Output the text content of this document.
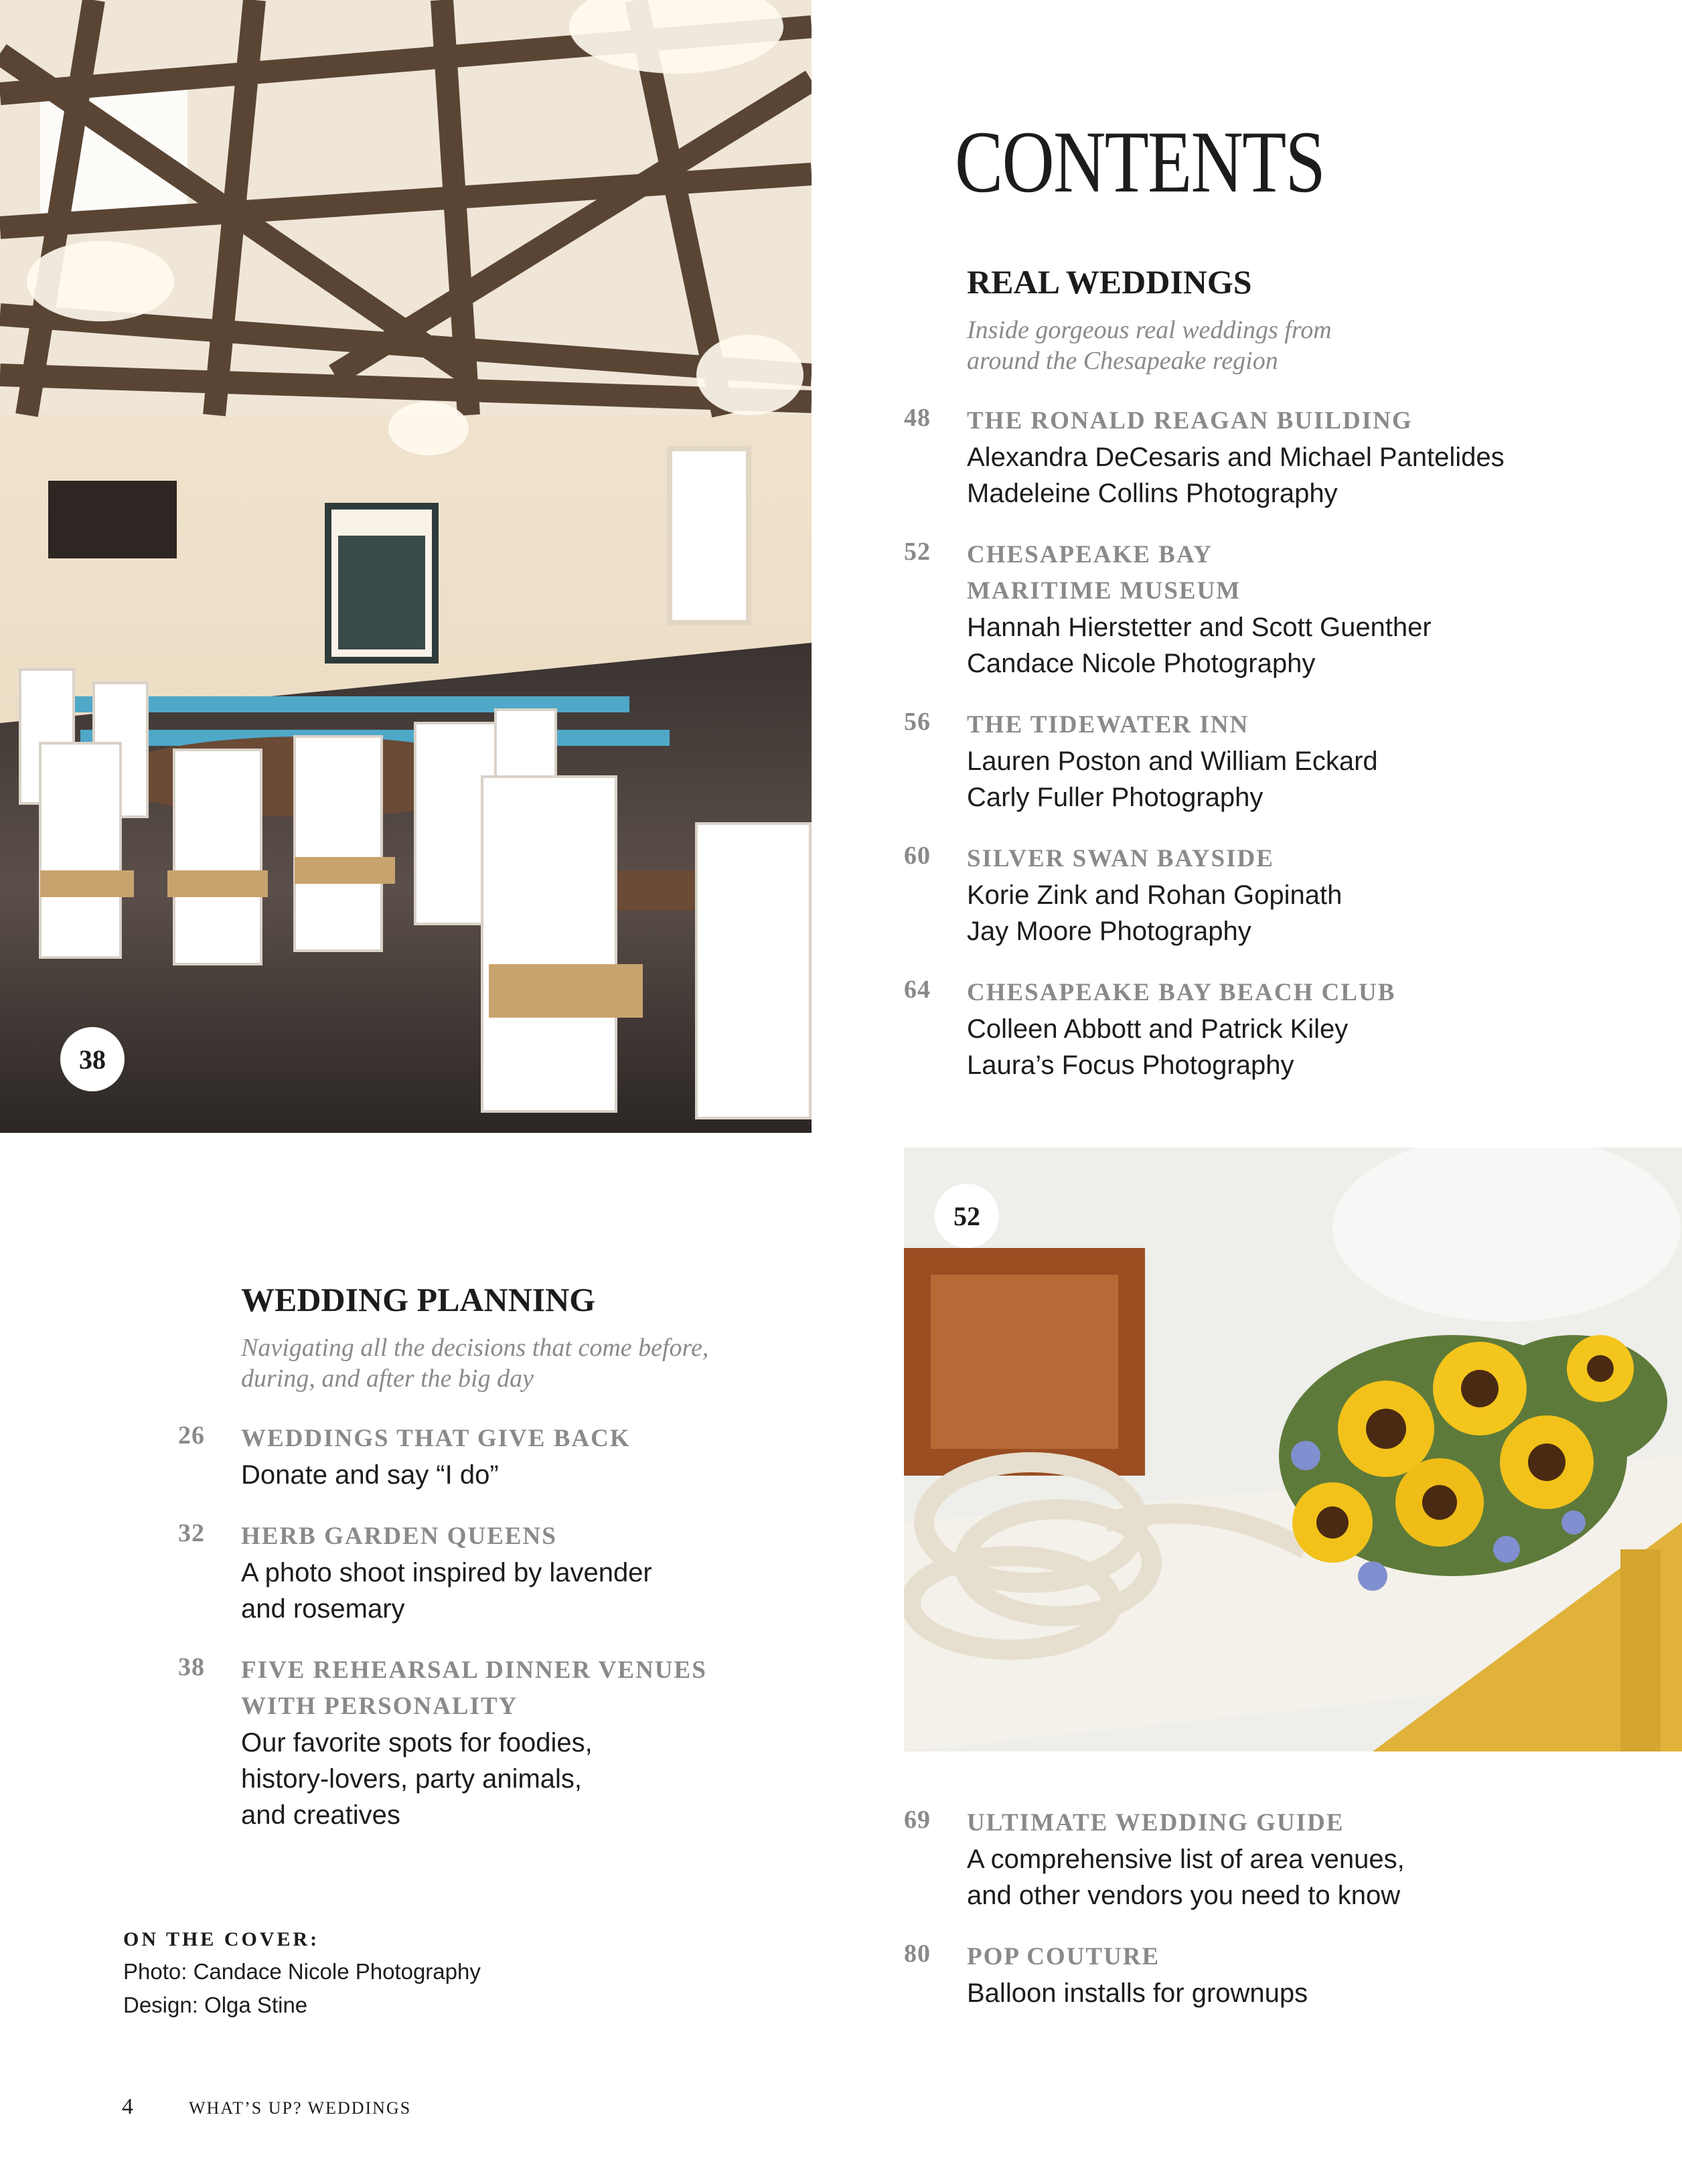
38
CONTENTS
REAL WEDDINGS
Inside gorgeous real weddings from
around the Chesapeake region
48 THE RONALD REAGAN BUILDING
Alexandra DeCesaris and Michael Pantelides
Madeleine Collins Photography
52 CHESAPEAKE BAY
MARITIME MUSEUM
Hannah Hierstetter and Scott Guenther
Candace Nicole Photography
56 THE TIDEWATER INN
Lauren Poston and William Eckard
Carly Fuller Photography
60 SILVER SWAN BAYSIDE
Korie Zink and Rohan Gopinath
Jay Moore Photography
64 CHESAPEAKE BAY BEACH CLUB
Colleen Abbott and Patrick Kiley
Laura’s Focus Photography
52
WEDDING PLANNING
Navigating all the decisions that come before,
during, and after the big day
26 WEDDINGS THAT GIVE BACK
Donate and say “I do”
32 HERB GARDEN QUEENS
A photo shoot inspired by lavender
and rosemary
38 FIVE REHEARSAL DINNER VENUES
WITH PERSONALITY
Our favorite spots for foodies,
history-lovers, party animals,
and creatives	69 ULTIMATE WEDDING GUIDE
A comprehensive list of area venues,
and other vendors you need to know
80 POP COUTURE
Balloon installs for grownups
ON THE COVER:
Photo: Candace Nicole Photography
Design: Olga Stine
4	WHAT’S UP? WEDDINGS
